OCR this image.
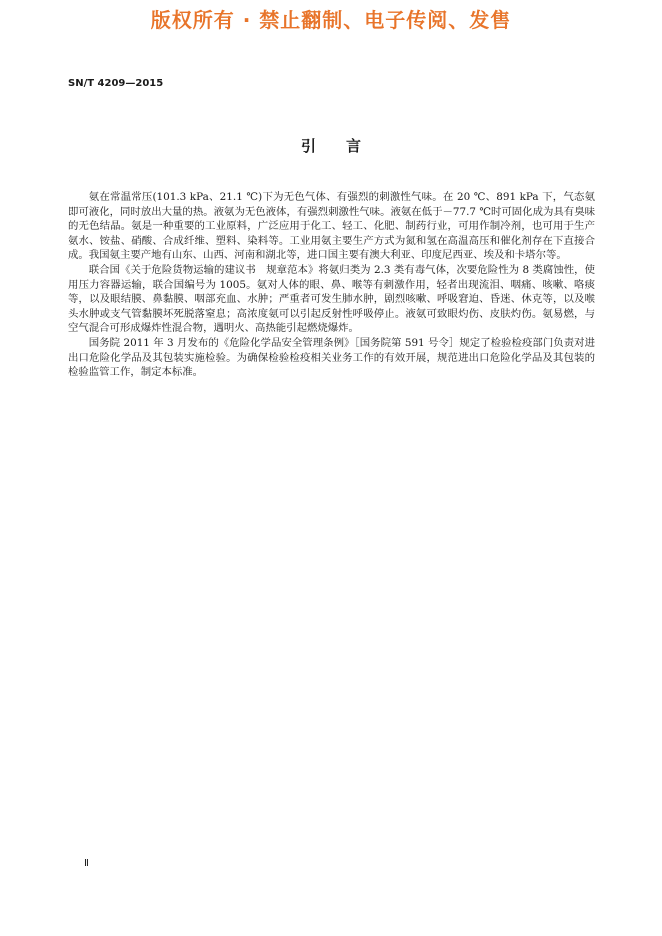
版权所有 · 禁止翻制、电子传阅、发售
SN/T 4209—2015
引言

氨在常温常压(101.3 kPa、21.1 ℃)下为无色气体、有强烈的刺激性气味。在 20 ℃、891 kPa 下，气态氨即可液化，同时放出大量的热。液氨为无色液体，有强烈刺激性气味。液氨在低于－77.7 ℃时可固化成为具有臭味的无色结晶。氨是一种重要的工业原料，广泛应用于化工、轻工、化肥、制药行业，可用作制冷剂，也可用于生产氨水、铵盐、硝酸、合成纤维、塑料、染料等。工业用氨主要生产方式为氮和氢在高温高压和催化剂存在下直接合成。我国氨主要产地有山东、山西、河南和湖北等，进口国主要有澳大利亚、印度尼西亚、埃及和卡塔尔等。

联合国《关于危险货物运输的建议书　规章范本》将氨归类为 2.3 类有毒气体，次要危险性为 8 类腐蚀性，使用压力容器运输，联合国编号为 1005。氨对人体的眼、鼻、喉等有刺激作用，轻者出现流泪、咽痛、咳嗽、咯痰等，以及眼结膜、鼻黏膜、咽部充血、水肿；严重者可发生肺水肿，剧烈咳嗽、呼吸窘迫、昏迷、休克等，以及喉头水肿或支气管黏膜坏死脱落窒息；高浓度氨可以引起反射性呼吸停止。液氨可致眼灼伤、皮肤灼伤。氨易燃，与空气混合可形成爆炸性混合物，遇明火、高热能引起燃烧爆炸。

国务院 2011 年 3 月发布的《危险化学品安全管理条例》［国务院第 591 号令］规定了检验检疫部门负责对进出口危险化学品及其包装实施检验。为确保检验检疫相关业务工作的有效开展，规范进出口危险化学品及其包装的检验监管工作，制定本标准。

Ⅱ
